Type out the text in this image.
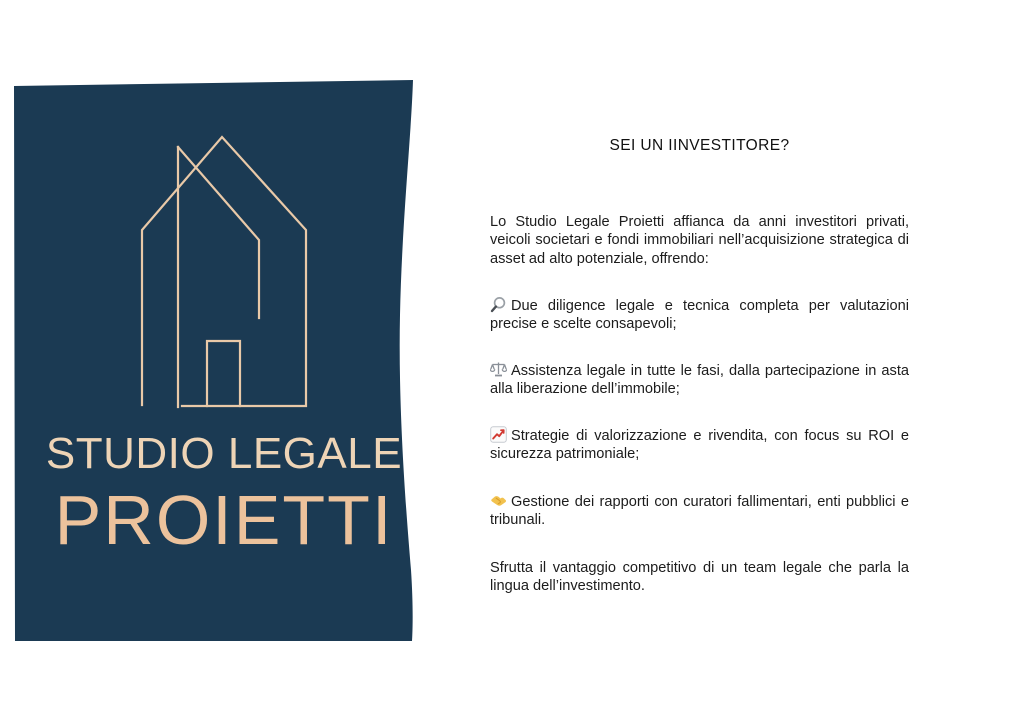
STUDIO LEGALE
PROIETTI
SEI UN IINVESTITORE?

Lo Studio Legale Proietti affianca da anni investitori privati, veicoli societari e fondi immobiliari nell’acquisizione strategica di asset ad alto potenziale, offrendo:

Due diligence legale e tecnica completa per valutazioni precise e scelte consapevoli;

Assistenza legale in tutte le fasi, dalla partecipazione in asta alla liberazione dell’immobile;

Strategie di valorizzazione e rivendita, con focus su ROI e sicurezza patrimoniale;

Gestione dei rapporti con curatori fallimentari, enti pubblici e tribunali.

Sfrutta il vantaggio competitivo di un team legale che parla la lingua dell’investimento.
